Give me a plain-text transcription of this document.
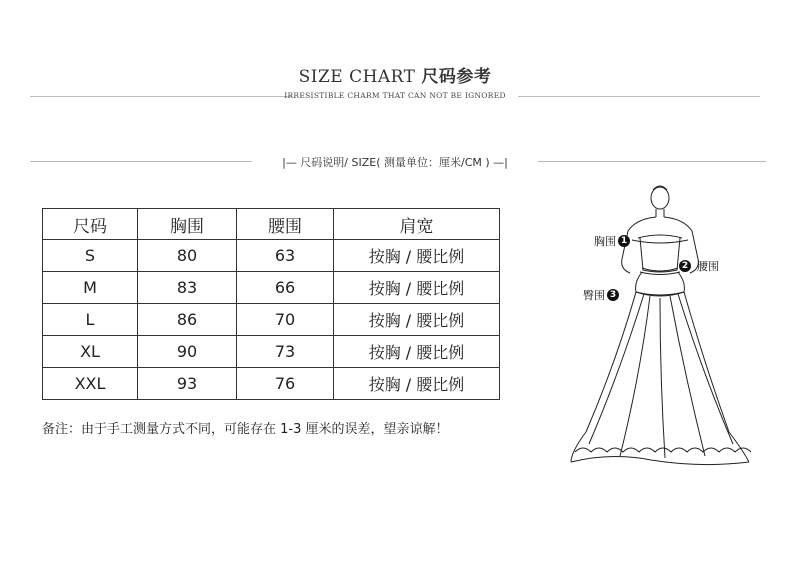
SIZE CHART 尺码参考
IRRESISTIBLE CHARM THAT CAN NOT BE IGNORED
|— 尺码说明/ SIZE( 测量单位：厘米/CM ) —|
尺码	胸围	腰围	肩宽
S	80	63	按胸 / 腰比例
M	83	66	按胸 / 腰比例
L	86	70	按胸 / 腰比例
XL	90	73	按胸 / 腰比例
XXL	93	76	按胸 / 腰比例
备注：由于手工测量方式不同，可能存在 1-3 厘米的误差，望亲谅解！
胸围 1
2 腰围
臀围 3
